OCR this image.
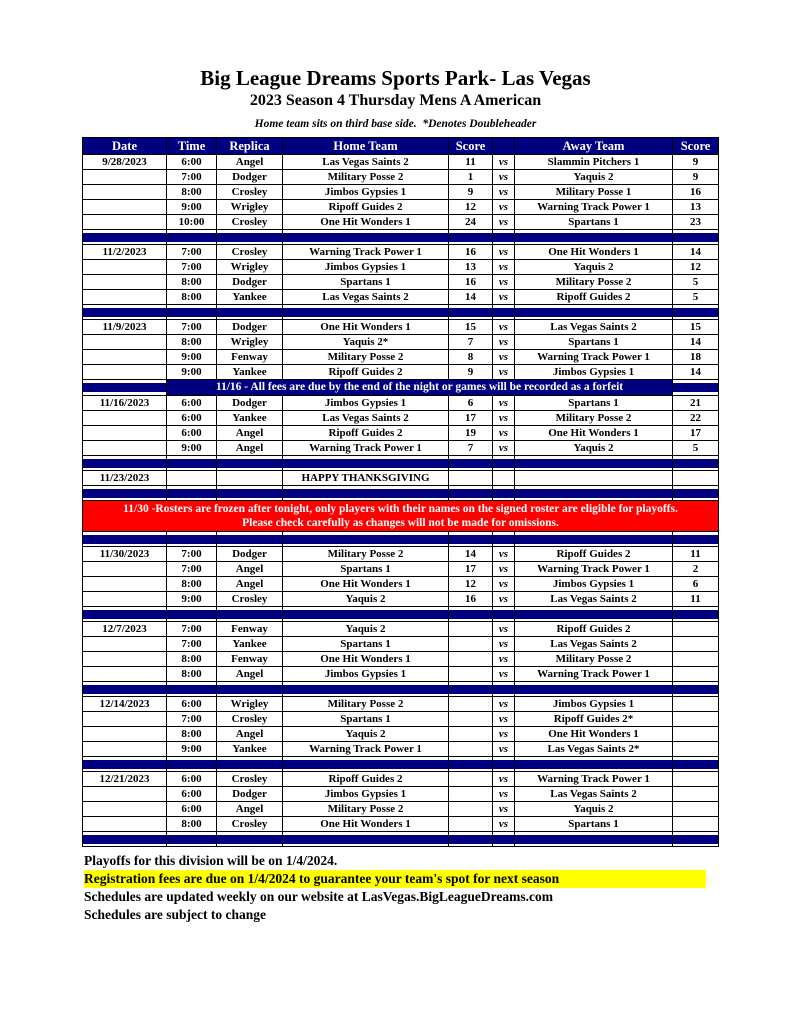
Big League Dreams Sports Park- Las Vegas
2023 Season 4 Thursday Mens A American
Home team sits on third base side.  *Denotes Doubleheader
Date	Time	Replica	Home Team	Score		Away Team	Score
9/28/2023	6:00	Angel	Las Vegas Saints 2	11	vs	Slammin Pitchers 1	9
	7:00	Dodger	Military Posse 2	1	vs	Yaquis 2	9
	8:00	Crosley	Jimbos Gypsies 1	9	vs	Military Posse 1	16
	9:00	Wrigley	Ripoff Guides 2	12	vs	Warning Track Power 1	13
	10:00	Crosley	One Hit Wonders 1	24	vs	Spartans 1	23

11/2/2023	7:00	Crosley	Warning Track Power 1	16	vs	One Hit Wonders 1	14
	7:00	Wrigley	Jimbos Gypsies 1	13	vs	Yaquis 2	12
	8:00	Dodger	Spartans 1	16	vs	Military Posse 2	5
	8:00	Yankee	Las Vegas Saints 2	14	vs	Ripoff Guides 2	5

11/9/2023	7:00	Dodger	One Hit Wonders 1	15	vs	Las Vegas Saints 2	15
	8:00	Wrigley	Yaquis 2*	7	vs	Spartans 1	14
	9:00	Fenway	Military Posse 2	8	vs	Warning Track Power 1	18
	9:00	Yankee	Ripoff Guides 2	9	vs	Jimbos Gypsies 1	14

	11/16 - All fees are due by the end of the night or games will be recorded as a forfeit						

11/16/2023	6:00	Dodger	Jimbos Gypsies 1	6	vs	Spartans 1	21
	6:00	Yankee	Las Vegas Saints 2	17	vs	Military Posse 2	22
	6:00	Angel	Ripoff Guides 2	19	vs	One Hit Wonders 1	17
	9:00	Angel	Warning Track Power 1	7	vs	Yaquis 2	5

11/23/2023			HAPPY THANKSGIVING				

11/30 -Rosters are frozen after tonight, only players with their names on the signed roster are eligible for playoffs.
Please check carefully as changes will not be made for omissions.							

11/30/2023	7:00	Dodger	Military Posse 2	14	vs	Ripoff Guides 2	11
	7:00	Angel	Spartans 1	17	vs	Warning Track Power 1	2
	8:00	Angel	One Hit Wonders 1	12	vs	Jimbos Gypsies 1	6
	9:00	Crosley	Yaquis 2	16	vs	Las Vegas Saints 2	11

12/7/2023	7:00	Fenway	Yaquis 2		vs	Ripoff Guides 2	
	7:00	Yankee	Spartans 1		vs	Las Vegas Saints 2	
	8:00	Fenway	One Hit Wonders 1		vs	Military Posse 2	
	8:00	Angel	Jimbos Gypsies 1		vs	Warning Track Power 1	

12/14/2023	6:00	Wrigley	Military Posse 2		vs	Jimbos Gypsies 1	
	7:00	Crosley	Spartans 1		vs	Ripoff Guides 2*	
	8:00	Angel	Yaquis 2		vs	One Hit Wonders 1	
	9:00	Yankee	Warning Track Power 1		vs	Las Vegas Saints 2*	

12/21/2023	6:00	Crosley	Ripoff Guides 2		vs	Warning Track Power 1	
	6:00	Dodger	Jimbos Gypsies 1		vs	Las Vegas Saints 2	
	6:00	Angel	Military Posse 2		vs	Yaquis 2	
	8:00	Crosley	One Hit Wonders 1		vs	Spartans 1	

Playoffs for this division will be on 1/4/2024.
Registration fees are due on 1/4/2024 to guarantee your team's spot for next season
Schedules are updated weekly on our website at LasVegas.BigLeagueDreams.com
Schedules are subject to change
